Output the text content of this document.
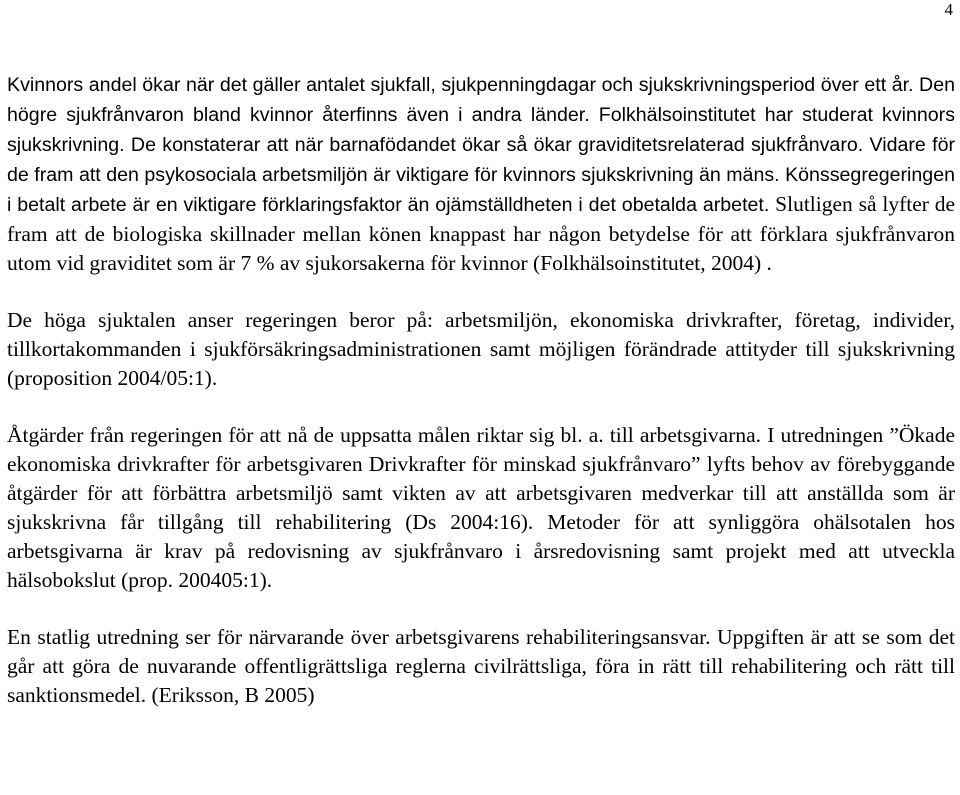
4

Kvinnors andel ökar när det gäller antalet sjukfall, sjukpenningdagar och sjukskrivningsperiod över ett år. Den högre sjukfrånvaron bland kvinnor återfinns även i andra länder. Folkhälsoinstitutet har studerat kvinnors sjukskrivning. De konstaterar att när barnafödandet ökar så ökar graviditetsrelaterad sjukfrånvaro. Vidare för de fram att den psykosociala arbetsmiljön är viktigare för kvinnors sjukskrivning än mäns. Könssegregeringen i betalt arbete är en viktigare förklaringsfaktor än ojämställdheten i det obetalda arbetet. Slutligen så lyfter de fram att de biologiska skillnader mellan könen knappast har någon betydelse för att förklara sjukfrånvaron utom vid graviditet som är 7 % av sjukorsakerna för kvinnor (Folkhälsoinstitutet, 2004) .

De höga sjuktalen anser regeringen beror på: arbetsmiljön, ekonomiska drivkrafter, företag, individer, tillkortakommanden i sjukförsäkringsadministrationen samt möjligen förändrade attityder till sjukskrivning (proposition 2004/05:1).

Åtgärder från regeringen för att nå de uppsatta målen riktar sig bl. a. till arbetsgivarna. I utredningen ”Ökade ekonomiska drivkrafter för arbetsgivaren Drivkrafter för minskad sjukfrånvaro” lyfts behov av förebyggande åtgärder för att förbättra arbetsmiljö samt vikten av att arbetsgivaren medverkar till att anställda som är sjukskrivna får tillgång till rehabilitering (Ds 2004:16). Metoder för att synliggöra ohälsotalen hos arbetsgivarna är krav på redovisning av sjukfrånvaro i årsredovisning samt projekt med att utveckla hälsobokslut (prop. 200405:1).

En statlig utredning ser för närvarande över arbetsgivarens rehabiliteringsansvar. Uppgiften är att se som det går att göra de nuvarande offentligrättsliga reglerna civilrättsliga, föra in rätt till rehabilitering och rätt till sanktionsmedel. (Eriksson, B 2005)
